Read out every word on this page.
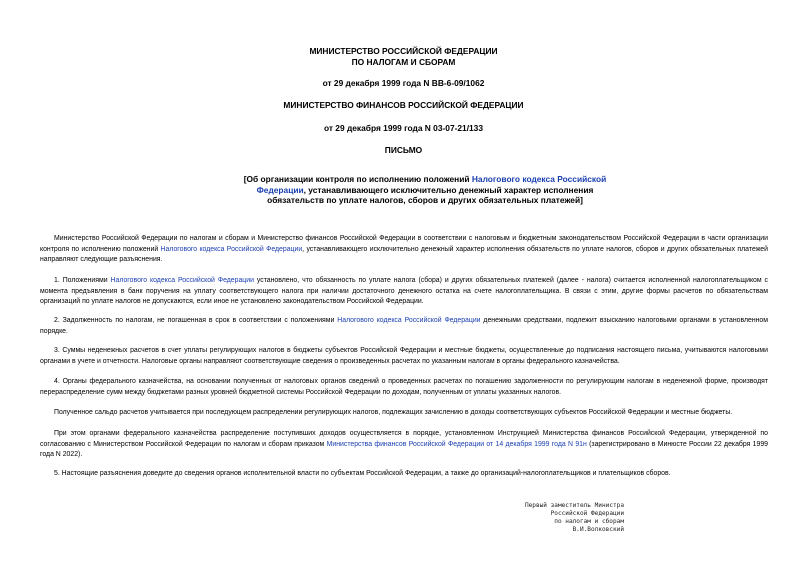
МИНИСТЕРСТВО РОССИЙСКОЙ ФЕДЕРАЦИИ
ПО НАЛОГАМ И СБОРАМ
от 29 декабря 1999 года N ВВ-6-09/1062
МИНИСТЕРСТВО ФИНАНСОВ РОССИЙСКОЙ ФЕДЕРАЦИИ
от 29 декабря 1999 года N 03-07-21/133
ПИСЬМО
[Об организации контроля по исполнению положений Налогового кодекса Российской Федерации, устанавливающего исключительно денежный характер исполнения обязательств по уплате налогов, сборов и других обязательных платежей]
Министерство Российской Федерации по налогам и сборам и Министерство финансов Российской Федерации в соответствии с налоговым и бюджетным законодательством Российской Федерации в части организации контроля по исполнению положений Налогового кодекса Российской Федерации, устанавливающего исключительно денежный характер исполнения обязательств по уплате налогов, сборов и других обязательных платежей направляют следующие разъяснения.
1. Положениями Налогового кодекса Российской Федерации установлено, что обязанность по уплате налога (сбора) и других обязательных платежей (далее - налога) считается исполненной налогоплательщиком с момента предъявления в банк поручения на уплату соответствующего налога при наличии достаточного денежного остатка на счете налогоплательщика. В связи с этим, другие формы расчетов по обязательствам организаций по уплате налогов не допускаются, если иное не установлено законодательством Российской Федерации.
2. Задолженность по налогам, не погашенная в срок в соответствии с положениями Налогового кодекса Российской Федерации денежными средствами, подлежит взысканию налоговыми органами в установленном порядке.
3. Суммы неденежных расчетов в счет уплаты регулирующих налогов в бюджеты субъектов Российской Федерации и местные бюджеты, осуществленные до подписания настоящего письма, учитываются налоговыми органами в учете и отчетности. Налоговые органы направляют соответствующие сведения о произведенных расчетах по указанным налогам в органы федерального казначейства.
4. Органы федерального казначейства, на основании полученных от налоговых органов сведений о проведенных расчетах по погашению задолженности по регулирующим налогам в неденежной форме, производят перераспределение сумм между бюджетами разных уровней бюджетной системы Российской Федерации по доходам, полученным от уплаты указанных налогов.
Полученное сальдо расчетов учитывается при последующем распределении регулирующих налогов, подлежащих зачислению в доходы соответствующих субъектов Российской Федерации и местные бюджеты.
При этом органами федерального казначейства распределение поступивших доходов осуществляется в порядке, установленном Инструкцией Министерства финансов Российской Федерации, утвержденной по согласованию с Министерством Российской Федерации по налогам и сборам приказом Министерства финансов Российской Федерации от 14 декабря 1999 года N 91н (зарегистрировано в Минюсте России 22 декабря 1999 года N 2022).
5. Настоящие разъяснения доведите до сведения органов исполнительной власти по субъектам Российской Федерации, а также до организаций-налогоплательщиков и плательщиков сборов.
Первый заместитель Министра
Российской Федерации
по налогам и сборам
В.И.Волковский
